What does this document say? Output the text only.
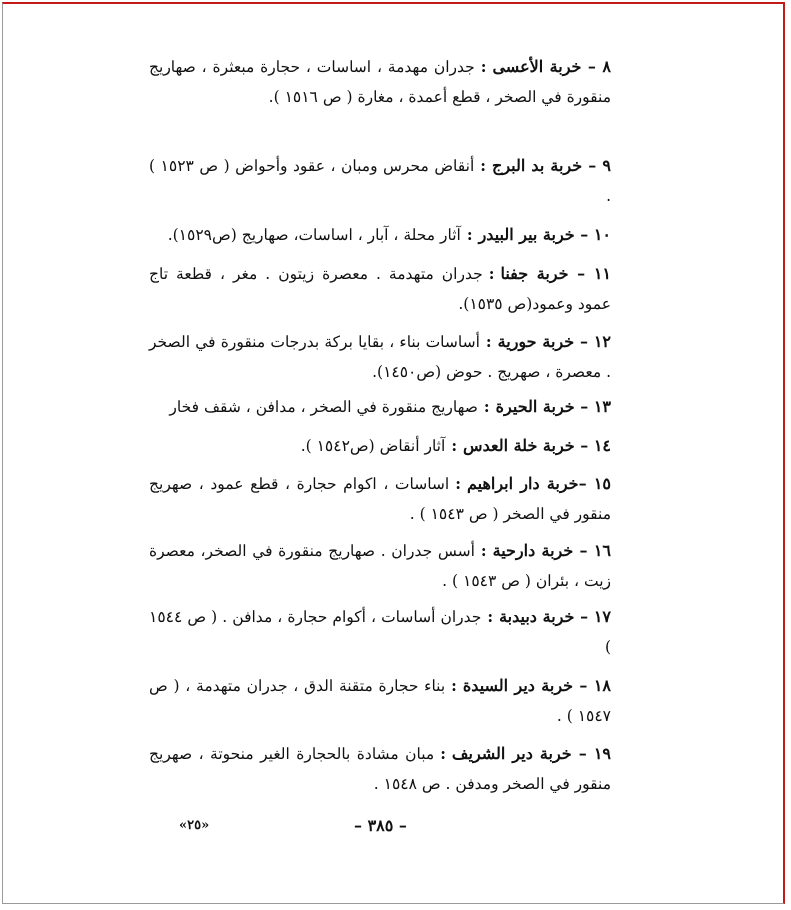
٨ – خربة الأعسى:جدران مهدمة ، اساسات ، حجارة مبعثرة ، صهاريج منقورة في الصخر ، قطع أعمدة ، مغارة ( ص ١٥١٦ ).
٩ – خربة بد البرج:أنقاض محرس ومبان ، عقود وأحواض ( ص ١٥٢٣ ) .
١٠ – خربة بير البيدر:آثار محلة ، آبار ، اساسات، صهاريج (ص١٥٢٩).
١١ – خربة جفنا:جدران متهدمة . معصرة زيتون . مغر ، قطعة تاج عمود وعمود(ص ١٥٣٥).
١٢ – خربة حورية:أساسات بناء ، بقايا بركة بدرجات منقورة في الصخر . معصرة ، صهريج . حوض (ص١٤٥٠).
١٣ – خربة الحيرة:صهاريج منقورة في الصخر ، مدافن ، شقف فخار
١٤ – خربة خلة العدس:آثار أنقاض (ص١٥٤٢ ).
١٥ –خربة دار ابراهيم:اساسات ، اكوام حجارة ، قطع عمود ، صهريج منقور في الصخر ( ص ١٥٤٣ ) .
١٦ – خربة دارحية:أسس جدران . صهاريج منقورة في الصخر، معصرة زيت ، بئران ( ص ١٥٤٣ ) .
١٧ – خربة دبيدبة:جدران أساسات ، أكوام حجارة ، مدافن . ( ص ١٥٤٤ )
١٨ – خربة دير السيدة:بناء حجارة متقنة الدق ، جدران متهدمة ، ( ص ١٥٤٧ ) .
١٩ – خربة دير الشريف:مبان مشادة بالحجارة الغير منحوتة ، صهريج منقور في الصخر ومدفن . ص ١٥٤٨ .
«٢٥»	– ٣٨٥ –
